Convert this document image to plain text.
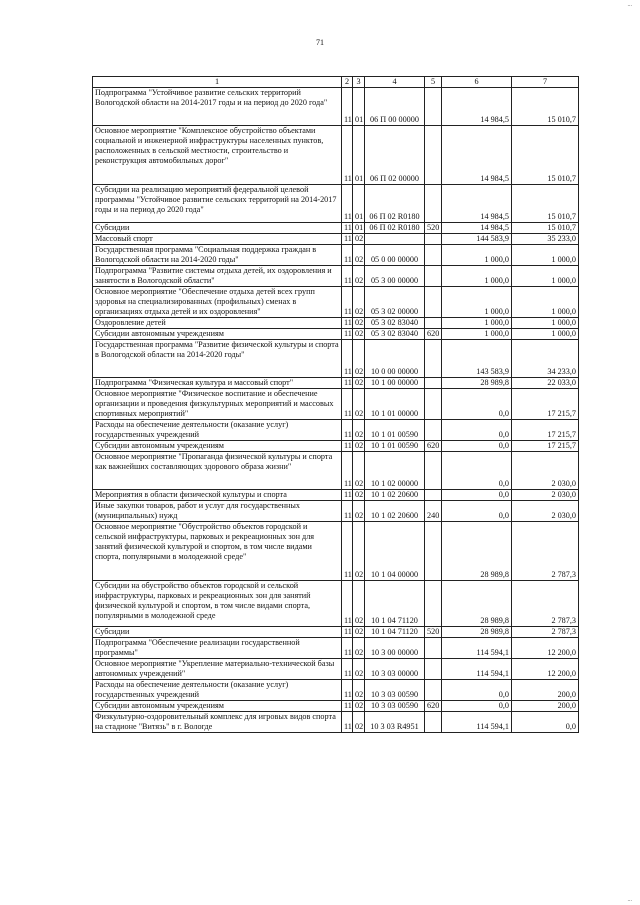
71
...
...
1	2	3	4	5	6	7
Подпрограмма "Устойчивое развитие сельских территорий Вологодской области на 2014-2017 годы и на период до 2020 года"	11	01	06 П 00 00000		14 984,5	15 010,7
Основное мероприятие "Комплексное обустройство объектами социальной и инженерной инфраструктуры населенных пунктов, расположенных в сельской местности, строительство и реконструкция автомобильных дорог"	11	01	06 П 02 00000		14 984,5	15 010,7
Субсидии на реализацию мероприятий федеральной целевой программы "Устойчивое развитие сельских территорий на 2014-2017 годы и на период до 2020 года"	11	01	06 П 02 R0180		14 984,5	15 010,7
Субсидии	11	01	06 П 02 R0180	520	14 984,5	15 010,7
Массовый спорт	11	02			144 583,9	35 233,0
Государственная программа "Социальная поддержка граждан в Вологодской области на 2014-2020 годы"	11	02	05 0 00 00000		1 000,0	1 000,0
Подпрограмма "Развитие системы отдыха детей, их оздоровления и занятости в Вологодской области"	11	02	05 3 00 00000		1 000,0	1 000,0
Основное мероприятие "Обеспечение отдыха детей всех групп здоровья на специализированных (профильных) сменах в организациях отдыха детей и их оздоровления"	11	02	05 3 02 00000		1 000,0	1 000,0
Оздоровление детей	11	02	05 3 02 83040		1 000,0	1 000,0
Субсидии автономным учреждениям	11	02	05 3 02 83040	620	1 000,0	1 000,0
Государственная программа "Развитие физической культуры и спорта в Вологодской области на 2014-2020 годы"	11	02	10 0 00 00000		143 583,9	34 233,0
Подпрограмма "Физическая культура и массовый спорт"	11	02	10 1 00 00000		28 989,8	22 033,0
Основное мероприятие "Физическое воспитание и обеспечение организации и проведения физкультурных мероприятий и массовых спортивных мероприятий"	11	02	10 1 01 00000		0,0	17 215,7
Расходы на обеспечение деятельности (оказание услуг) государственных учреждений	11	02	10 1 01 00590		0,0	17 215,7
Субсидии автономным учреждениям	11	02	10 1 01 00590	620	0,0	17 215,7
Основное мероприятие "Пропаганда физической культуры и спорта как важнейших составляющих здорового образа жизни"	11	02	10 1 02 00000		0,0	2 030,0
Мероприятия в области физической культуры и спорта	11	02	10 1 02 20600		0,0	2 030,0
Иные закупки товаров, работ и услуг для государственных (муниципальных) нужд	11	02	10 1 02 20600	240	0,0	2 030,0
Основное мероприятие "Обустройство объектов городской и сельской инфраструктуры, парковых и рекреационных зон для занятий физической культурой и спортом, в том числе видами спорта, популярными в молодежной среде"	11	02	10 1 04 00000		28 989,8	2 787,3
Субсидии на обустройство объектов городской и сельской инфраструктуры, парковых и рекреационных зон для занятий физической культурой и спортом, в том числе видами спорта, популярными в молодежной среде	11	02	10 1 04 71120		28 989,8	2 787,3
Субсидии	11	02	10 1 04 71120	520	28 989,8	2 787,3
Подпрограмма "Обеспечение реализации государственной программы"	11	02	10 3 00 00000		114 594,1	12 200,0
Основное мероприятие "Укрепление материально-технической базы автономных учреждений"	11	02	10 3 03 00000		114 594,1	12 200,0
Расходы на обеспечение деятельности (оказание услуг) государственных учреждений	11	02	10 3 03 00590		0,0	200,0
Субсидии автономным учреждениям	11	02	10 3 03 00590	620	0,0	200,0
Физкультурно-оздоровительный комплекс для игровых видов спорта на стадионе "Витязь" в г. Вологде	11	02	10 3 03 R4951		114 594,1	0,0
